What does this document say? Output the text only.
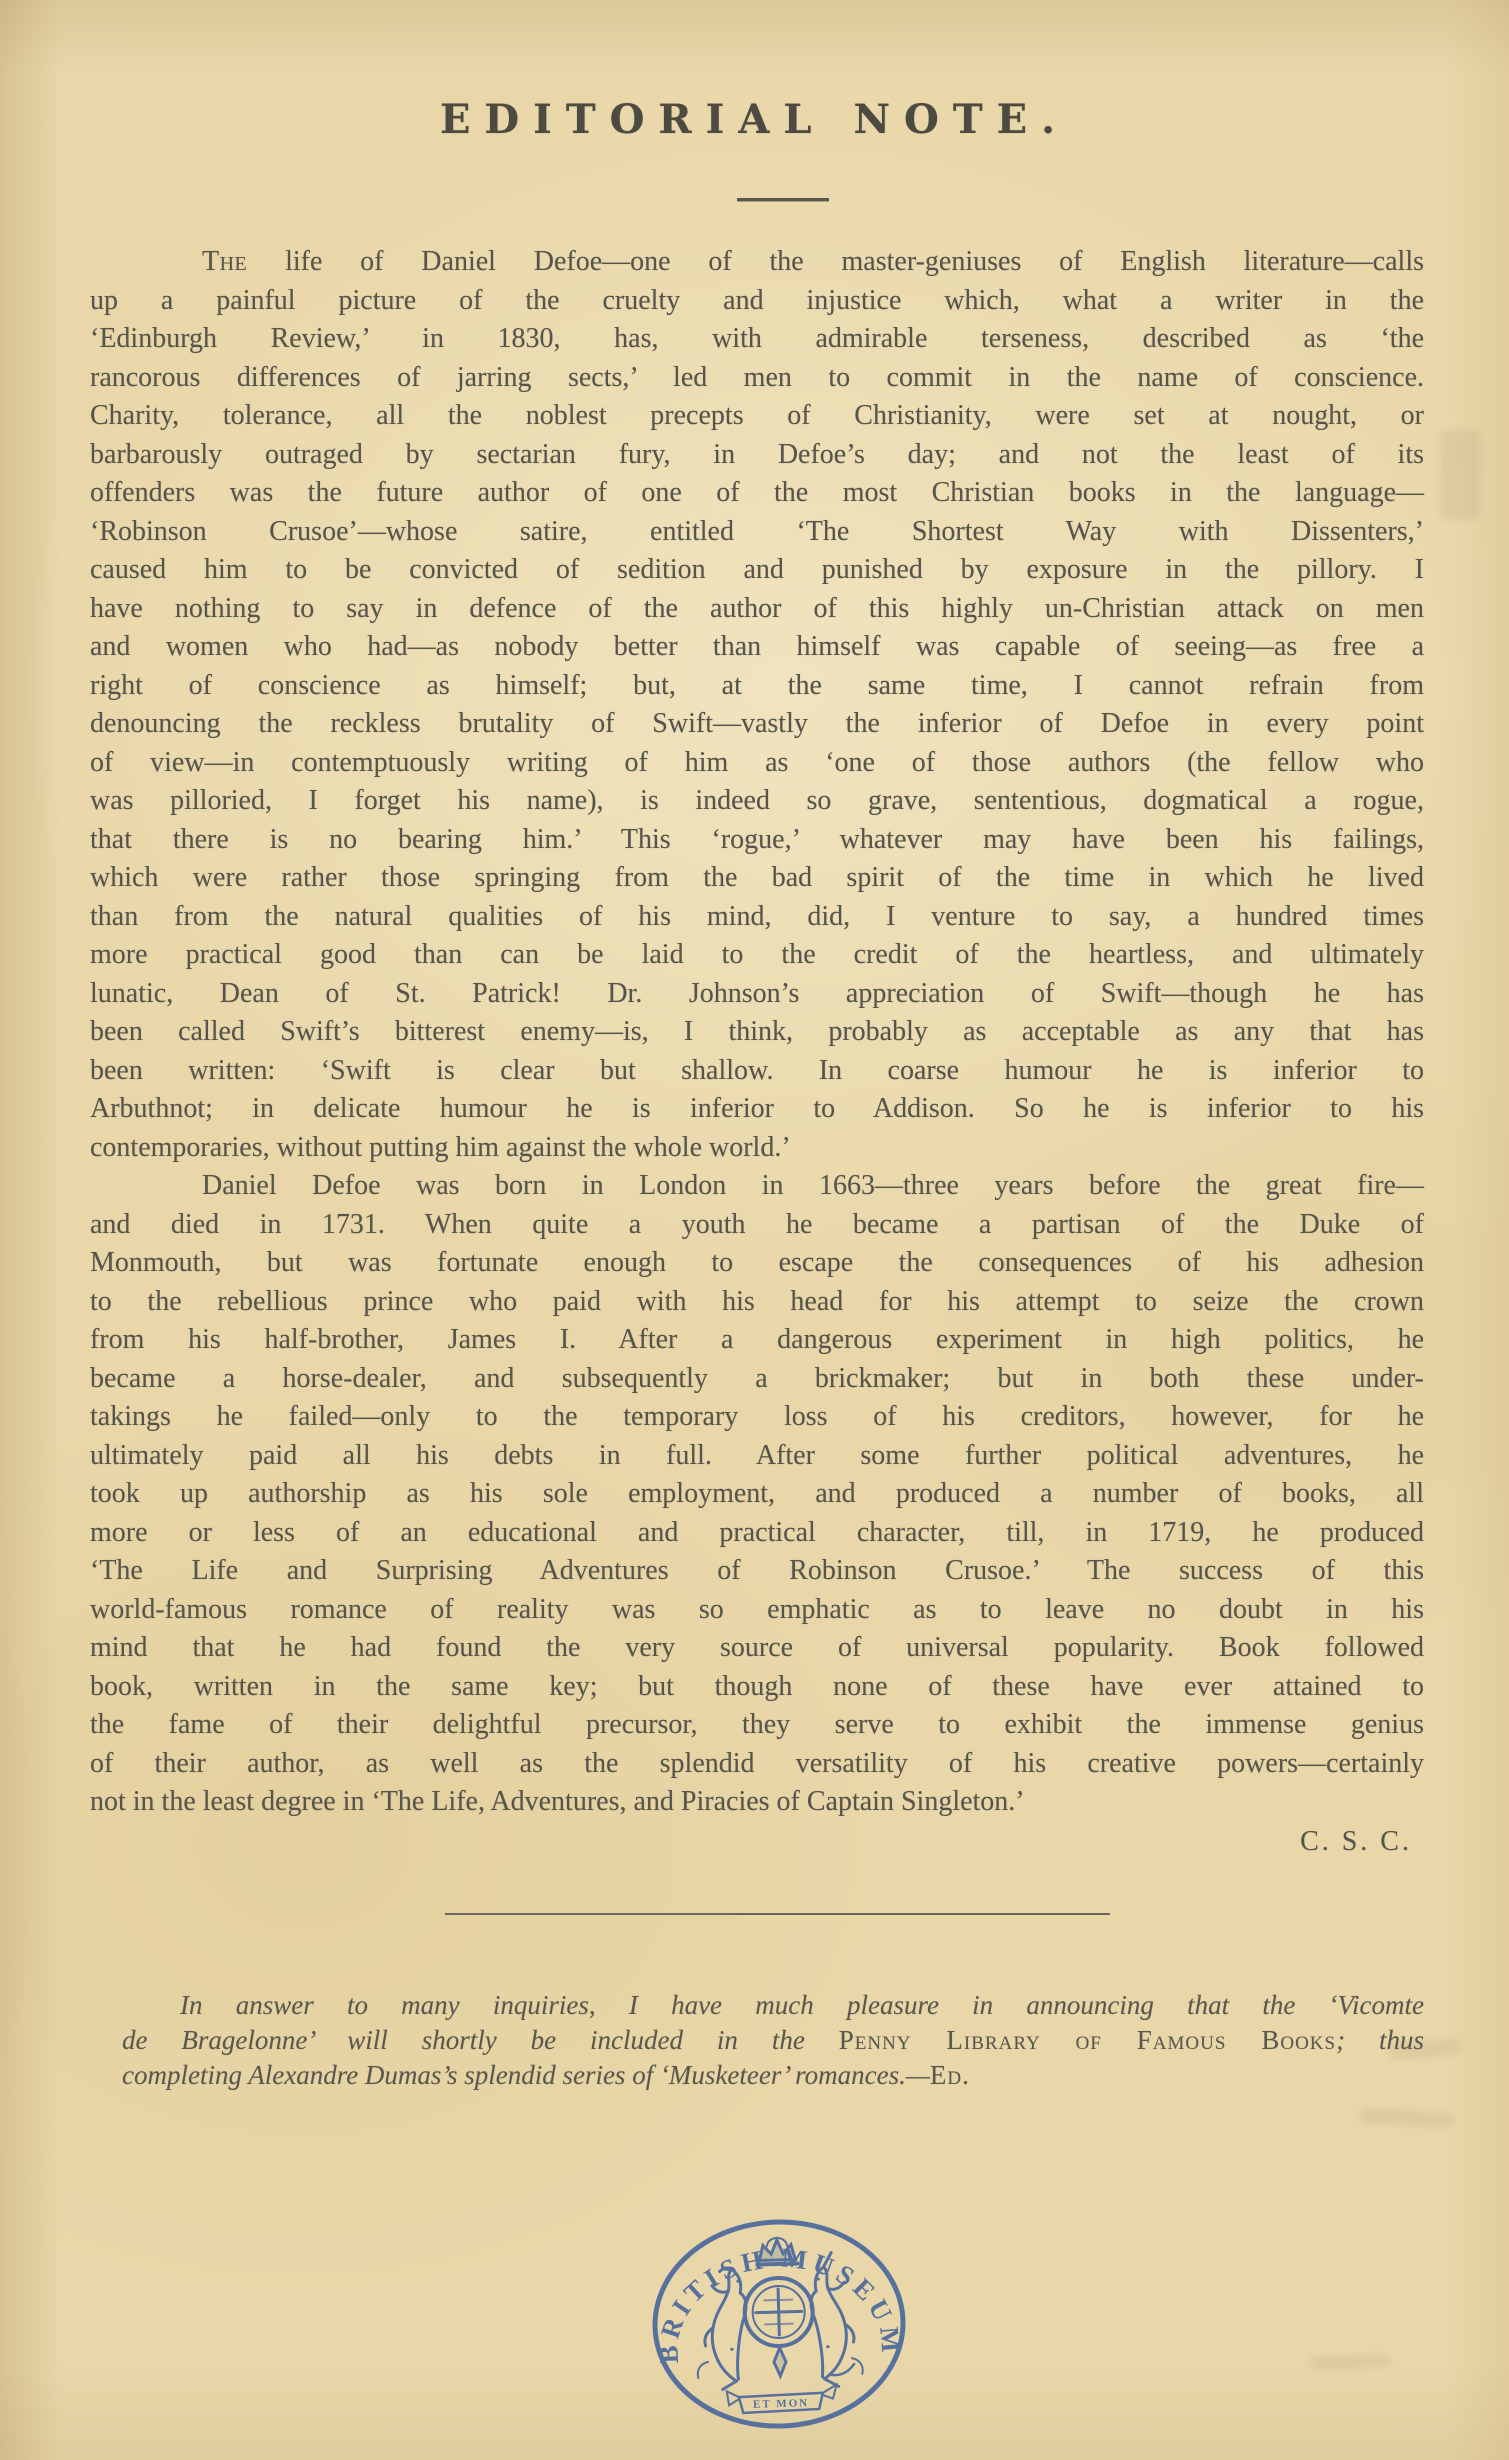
EDITORIAL NOTE.
The life of Daniel Defoe—one of the master-geniuses of English literature—calls
up a painful picture of the cruelty and injustice which, what a writer in the
‘Edinburgh Review,’ in 1830, has, with admirable terseness, described as ‘the
rancorous differences of jarring sects,’ led men to commit in the name of conscience.
Charity, tolerance, all the noblest precepts of Christianity, were set at nought, or
barbarously outraged by sectarian fury, in Defoe’s day; and not the least of its
offenders was the future author of one of the most Christian books in the language—
‘Robinson Crusoe’—whose satire, entitled ‘The Shortest Way with Dissenters,’
caused him to be convicted of sedition and punished by exposure in the pillory. I
have nothing to say in defence of the author of this highly un-Christian attack on men
and women who had—as nobody better than himself was capable of seeing—as free a
right of conscience as himself; but, at the same time, I cannot refrain from
denouncing the reckless brutality of Swift—vastly the inferior of Defoe in every point
of view—in contemptuously writing of him as ‘one of those authors (the fellow who
was pilloried, I forget his name), is indeed so grave, sententious, dogmatical a rogue,
that there is no bearing him.’ This ‘rogue,’ whatever may have been his failings,
which were rather those springing from the bad spirit of the time in which he lived
than from the natural qualities of his mind, did, I venture to say, a hundred times
more practical good than can be laid to the credit of the heartless, and ultimately
lunatic, Dean of St. Patrick! Dr. Johnson’s appreciation of Swift—though he has
been called Swift’s bitterest enemy—is, I think, probably as acceptable as any that has
been written: ‘Swift is clear but shallow. In coarse humour he is inferior to
Arbuthnot; in delicate humour he is inferior to Addison. So he is inferior to his
contemporaries, without putting him against the whole world.’
Daniel Defoe was born in London in 1663—three years before the great fire—
and died in 1731. When quite a youth he became a partisan of the Duke of
Monmouth, but was fortunate enough to escape the consequences of his adhesion
to the rebellious prince who paid with his head for his attempt to seize the crown
from his half-brother, James I. After a dangerous experiment in high politics, he
became a horse-dealer, and subsequently a brickmaker; but in both these under-
takings he failed—only to the temporary loss of his creditors, however, for he
ultimately paid all his debts in full. After some further political adventures, he
took up authorship as his sole employment, and produced a number of books, all
more or less of an educational and practical character, till, in 1719, he produced
‘The Life and Surprising Adventures of Robinson Crusoe.’ The success of this
world-famous romance of reality was so emphatic as to leave no doubt in his
mind that he had found the very source of universal popularity. Book followed
book, written in the same key; but though none of these have ever attained to
the fame of their delightful precursor, they serve to exhibit the immense genius
of their author, as well as the splendid versatility of his creative powers—certainly
not in the least degree in ‘The Life, Adventures, and Piracies of Captain Singleton.’
C. S. C.
In answer to many inquiries, I have much pleasure in announcing that the ‘Vicomte
de Bragelonne’ will shortly be included in the Penny Library of Famous Books; thus
completing Alexandre Dumas’s splendid series of ‘Musketeer’ romances.—Ed.
BRITISH MUSEUM
ET MON
